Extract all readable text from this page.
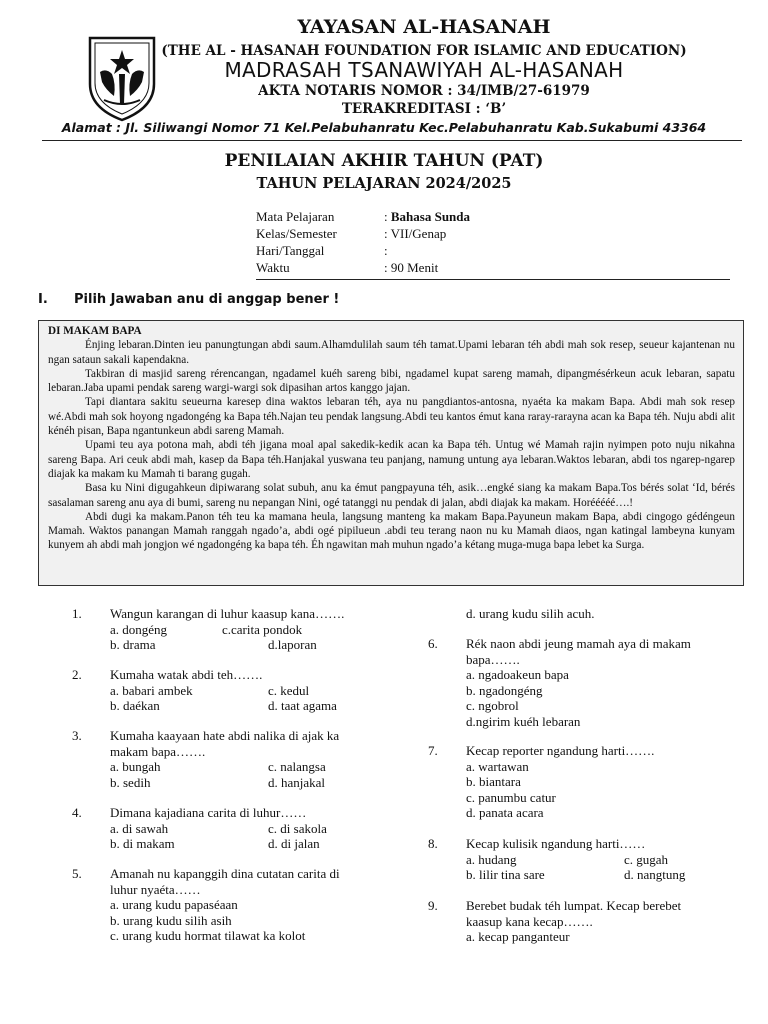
YAYASAN AL-HASANAH
(THE AL - HASANAH FOUNDATION FOR ISLAMIC AND EDUCATION)
MADRASAH TSANAWIYAH AL-HASANAH
AKTA NOTARIS NOMOR : 34/IMB/27-61979
TERAKREDITASI : ‘B’
Alamat : Jl. Siliwangi Nomor 71 Kel.Pelabuhanratu Kec.Pelabuhanratu Kab.Sukabumi 43364
PENILAIAN AKHIR TAHUN (PAT)
TAHUN PELAJARAN 2024/2025
Mata Pelajaran	: Bahasa Sunda
Kelas/Semester	: VII/Genap
Hari/Tanggal	:
Waktu	: 90 Menit
I. Pilih Jawaban anu di anggap bener !
DI MAKAM BAPA

Énjing lebaran.Dinten ieu panungtungan abdi saum.Alhamdulilah saum téh tamat.Upami lebaran téh abdi mah sok resep, seueur kajantenan nu ngan sataun sakali kapendakna.

Takbiran di masjid sareng rérencangan, ngadamel kuéh sareng bibi, ngadamel kupat sareng mamah, dipangmésérkeun acuk lebaran, sapatu lebaran.Jaba upami pendak sareng wargi-wargi sok dipasihan artos kanggo jajan.

Tapi diantara sakitu seueurna karesep dina waktos lebaran téh, aya nu pangdiantos-antosna, nyaéta ka makam Bapa. Abdi mah sok resep wé.Abdi mah sok hoyong ngadongéng ka Bapa téh.Najan teu pendak langsung.Abdi teu kantos émut kana raray-rarayna acan ka Bapa téh. Nuju abdi alit kénéh pisan, Bapa ngantunkeun abdi sareng Mamah.

Upami teu aya potona mah, abdi téh jigana moal apal sakedik-kedik acan ka Bapa téh. Untug wé Mamah rajin nyimpen poto nuju nikahna sareng Bapa. Ari ceuk abdi mah, kasep da Bapa téh.Hanjakal yuswana teu panjang, namung untung aya lebaran.Waktos lebaran, abdi tos ngarep-ngarep diajak ka makam ku Mamah ti barang gugah.

Basa ku Nini digugahkeun dipiwarang solat subuh, anu ka émut pangpayuna téh, asik…engké siang ka makam Bapa.Tos bérés solat ‘Id, bérés sasalaman sareng anu aya di bumi, sareng nu nepangan Nini, ogé tatanggi nu pendak di jalan, abdi diajak ka makam. Horééééé….!

Abdi dugi ka makam.Panon téh teu ka mamana heula, langsung manteng ka makam Bapa.Payuneun makam Bapa, abdi cingogo gédéngeun Mamah. Waktos panangan Mamah ranggah ngado’a, abdi ogé pipilueun .abdi teu terang naon nu ku Mamah diaos, ngan katingal lambeyna kunyam kunyem ah abdi mah jongjon wé ngadongéng ka bapa téh. Éh ngawitan mah muhun ngado’a kétang muga-muga bapa lebet ka Surga.

1. Wangun karangan di luhur kaasup kana…….
a. dongéng	c.carita pondok
b. drama	d.laporan
2. Kumaha watak abdi teh…….
a. babari ambek	c. kedul
b. daékan	d. taat agama
3. Kumaha kaayaan hate abdi nalika di ajak ka
makam bapa…….
a. bungah	c. nalangsa
b. sedih	d. hanjakal
4. Dimana kajadiana carita di luhur……
a. di sawah	c. di sakola
b. di makam	d. di jalan
5. Amanah nu kapanggih dina cutatan carita di
luhur nyaéta……
a. urang kudu papaséaan
b. urang kudu silih asih
c. urang kudu hormat tilawat ka kolot
d. urang kudu silih acuh.
6. Rék naon abdi jeung mamah aya di makam
bapa…….
a. ngadoakeun bapa
b. ngadongéng
c. ngobrol
d.ngirim kuéh lebaran
7. Kecap reporter ngandung harti…….
a. wartawan
b. biantara
c. panumbu catur
d. panata acara
8. Kecap kulisik ngandung harti……
a. hudang	c. gugah
b. lilir tina sare	d. nangtung
9. Berebet budak téh lumpat. Kecap berebet
kaasup kana kecap…….
a. kecap panganteur
